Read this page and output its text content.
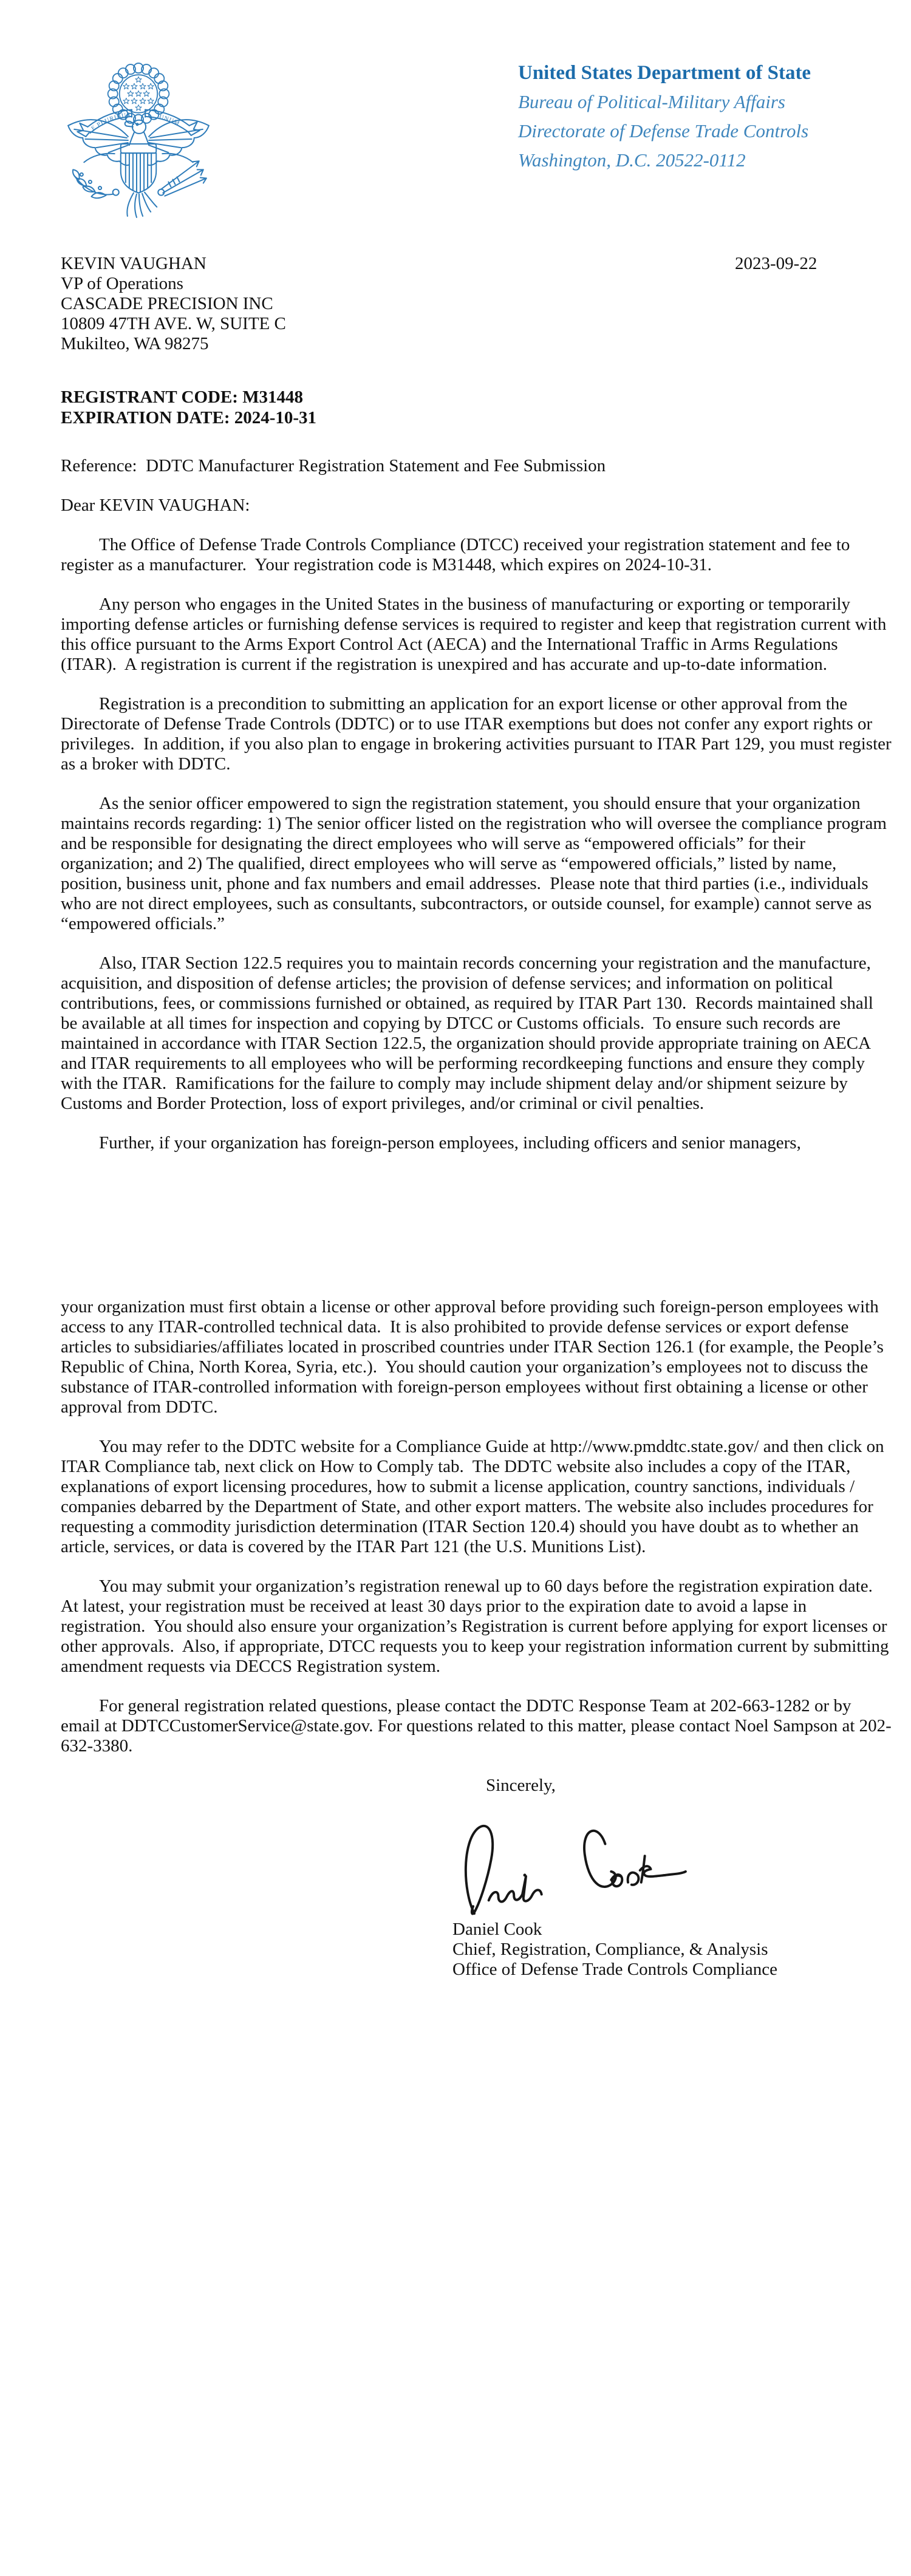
E PLURIBUS	UNUM
United States Department of State
Bureau of Political-Military Affairs
Directorate of Defense Trade Controls
Washington, D.C. 20522-0112
2023-09-22
KEVIN VAUGHAN
VP of Operations
CASCADE PRECISION INC
10809 47TH AVE. W, SUITE C
Mukilteo, WA 98275
REGISTRANT CODE: M31448
EXPIRATION DATE: 2024-10-31
Reference:  DDTC Manufacturer Registration Statement and Fee Submission
Dear KEVIN VAUGHAN:

The Office of Defense Trade Controls Compliance (DTCC) received your registration statement and fee to register as a manufacturer.  Your registration code is M31448, which expires on 2024-10-31.

Any person who engages in the United States in the business of manufacturing or exporting or temporarily importing defense articles or furnishing defense services is required to register and keep that registration current with this office pursuant to the Arms Export Control Act (AECA) and the International Traffic in Arms Regulations (ITAR).  A registration is current if the registration is unexpired and has accurate and up-to-date information.

Registration is a precondition to submitting an application for an export license or other approval from the Directorate of Defense Trade Controls (DDTC) or to use ITAR exemptions but does not confer any export rights or privileges.  In addition, if you also plan to engage in brokering activities pursuant to ITAR Part 129, you must register as a broker with DDTC.

As the senior officer empowered to sign the registration statement, you should ensure that your organization maintains records regarding: 1) The senior officer listed on the registration who will oversee the compliance program and be responsible for designating the direct employees who will serve as “empowered officials” for their organization; and 2) The qualified, direct employees who will serve as “empowered officials,” listed by name, position, business unit, phone and fax numbers and email addresses.  Please note that third parties (i.e., individuals who are not direct employees, such as consultants, subcontractors, or outside counsel, for example) cannot serve as “empowered officials.”

Also, ITAR Section 122.5 requires you to maintain records concerning your registration and the manufacture, acquisition, and disposition of defense articles; the provision of defense services; and information on political contributions, fees, or commissions furnished or obtained, as required by ITAR Part 130.  Records maintained shall be available at all times for inspection and copying by DTCC or Customs officials.  To ensure such records are maintained in accordance with ITAR Section 122.5, the organization should provide appropriate training on AECA and ITAR requirements to all employees who will be performing recordkeeping functions and ensure they comply with the ITAR.  Ramifications for the failure to comply may include shipment delay and/or shipment seizure by Customs and Border Protection, loss of export privileges, and/or criminal or civil penalties.

Further, if your organization has foreign-person employees, including officers and senior managers,

your organization must first obtain a license or other approval before providing such foreign-person employees with access to any ITAR-controlled technical data.  It is also prohibited to provide defense services or export defense articles to subsidiaries/affiliates located in proscribed countries under ITAR Section 126.1 (for example, the People’s Republic of China, North Korea, Syria, etc.).  You should caution your organization’s employees not to discuss the substance of ITAR-controlled information with foreign-person employees without first obtaining a license or other approval from DDTC.

You may refer to the DDTC website for a Compliance Guide at http://www.pmddtc.state.gov/ and then click on ITAR Compliance tab, next click on How to Comply tab.  The DDTC website also includes a copy of the ITAR, explanations of export licensing procedures, how to submit a license application, country sanctions, individuals / companies debarred by the Department of State, and other export matters. The website also includes procedures for requesting a commodity jurisdiction determination (ITAR Section 120.4) should you have doubt as to whether an article, services, or data is covered by the ITAR Part 121 (the U.S. Munitions List).

You may submit your organization’s registration renewal up to 60 days before the registration expiration date.  At latest, your registration must be received at least 30 days prior to the expiration date to avoid a lapse in registration.  You should also ensure your organization’s Registration is current before applying for export licenses or other approvals.  Also, if appropriate, DTCC requests you to keep your registration information current by submitting amendment requests via DECCS Registration system.

For general registration related questions, please contact the DDTC Response Team at 202-663-1282 or by email at DDTCCustomerService@state.gov. For questions related to this matter, please contact Noel Sampson at 202-632-3380.

Sincerely,
Daniel Cook
Chief, Registration, Compliance, & Analysis
Office of Defense Trade Controls Compliance
